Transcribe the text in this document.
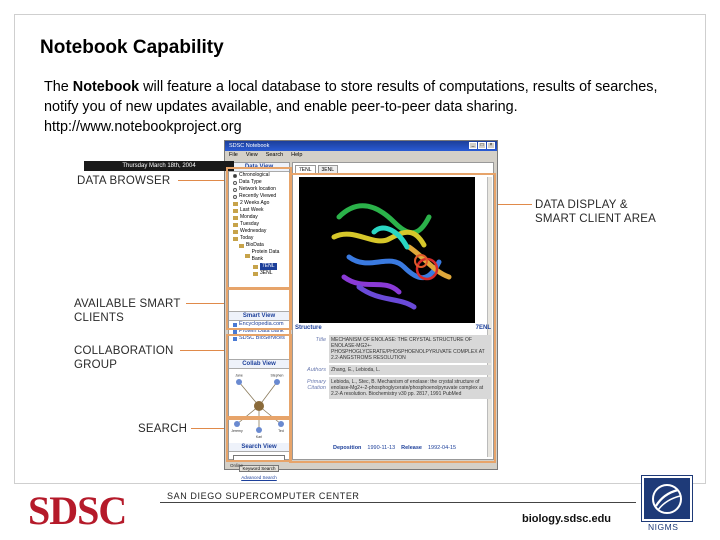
Notebook Capability
The Notebook will feature a local database to store results of computations, results of searches, notify you of new updates available, and enable peer-to-peer data sharing.
http://www.notebookproject.org
DATA BROWSER
DATA DISPLAY &
SMART CLIENT AREA
AVAILABLE SMART
CLIENTS
COLLABORATION
GROUP
SEARCH
SDSC Notebook	_	□	×
File View Search Help
Data View
Chronological
Data Type
Network location
Recently Viewed
2 Weeks Ago
Last Week
Monday
Tuesday
Wednesday
Today
BioData
Protein Data Bank
7ENL
3ENL
Smart View
Encyclopedia.com
Protein Data Bank
SDSC BioServices
Collab View
Jane	Stephen
Jeremy
Karl
Ted
Search View
Keyword Search
Advanced Search
7ENL	3ENL
Structure	7ENL
Title	MECHANISM OF ENOLASE: THE CRYSTAL STRUCTURE OF ENOLASE-MG2+-PHOSPHOGLYCERATE/PHOSPHOENOLPYRUVATE COMPLEX AT 2.2-ANGSTROMS RESOLUTION
Authors	Zhang, E., Lebioda, L.
Primary Citation
Lebioda, L., Stec, B. Mechanism of enolase: the crystal structure of enolase-Mg2+-2-phosphoglycerate/phosphoenolpyruvate complex at 2.2-A resolution. Biochemistry v30 pp. 2817, 1991 PubMed
Deposition 1990-11-13 Release 1992-04-15
Online
Thursday March 18th, 2004
SDSC	SAN DIEGO SUPERCOMPUTER CENTER
biology.sdsc.edu
NIGMS
